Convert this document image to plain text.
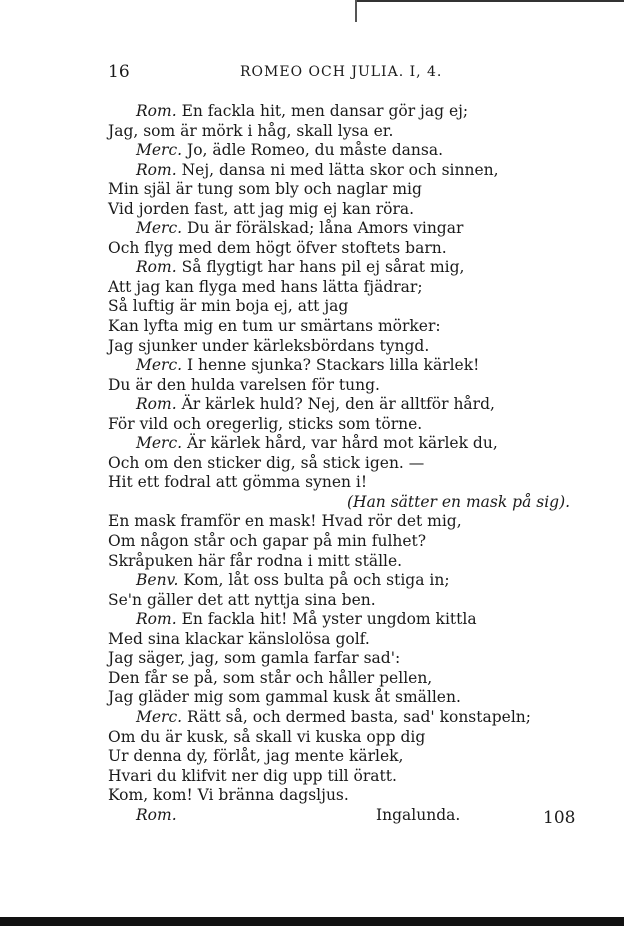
16	ROMEO OCH JULIA. I, 4.
Rom. En fackla hit, men dansar gör jag ej;
Jag, som är mörk i håg, skall lysa er.
Merc. Jo, ädle Romeo, du måste dansa.
Rom. Nej, dansa ni med lätta skor och sinnen,
Min själ är tung som bly och naglar mig
Vid jorden fast, att jag mig ej kan röra.
Merc. Du är förälskad; låna Amors vingar
Och flyg med dem högt öfver stoftets barn.
Rom. Så flygtigt har hans pil ej sårat mig,
Att jag kan flyga med hans lätta fjädrar;
Så luftig är min boja ej, att jag
Kan lyfta mig en tum ur smärtans mörker:
Jag sjunker under kärleksbördans tyngd.
Merc. I henne sjunka? Stackars lilla kärlek!
Du är den hulda varelsen för tung.
Rom. Är kärlek huld? Nej, den är alltför hård,
För vild och oregerlig, sticks som törne.
Merc. Är kärlek hård, var hård mot kärlek du,
Och om den sticker dig, så stick igen. —
Hit ett fodral att gömma synen i!
(Han sätter en mask på sig).
En mask framför en mask! Hvad rör det mig,
Om någon står och gapar på min fulhet?
Skråpuken här får rodna i mitt ställe.
Benv. Kom, låt oss bulta på och stiga in;
Se'n gäller det att nyttja sina ben.
Rom. En fackla hit! Må yster ungdom kittla
Med sina klackar känslolösa golf.
Jag säger, jag, som gamla farfar sad':
Den får se på, som står och håller pellen,
Jag gläder mig som gammal kusk åt smällen.
Merc. Rätt så, och dermed basta, sad' konstapeln;
Om du är kusk, så skall vi kuska opp dig
Ur denna dy, förlåt, jag mente kärlek,
Hvari du klifvit ner dig upp till öratt.
Kom, kom! Vi bränna dagsljus.
Rom.	Ingalunda.	108
